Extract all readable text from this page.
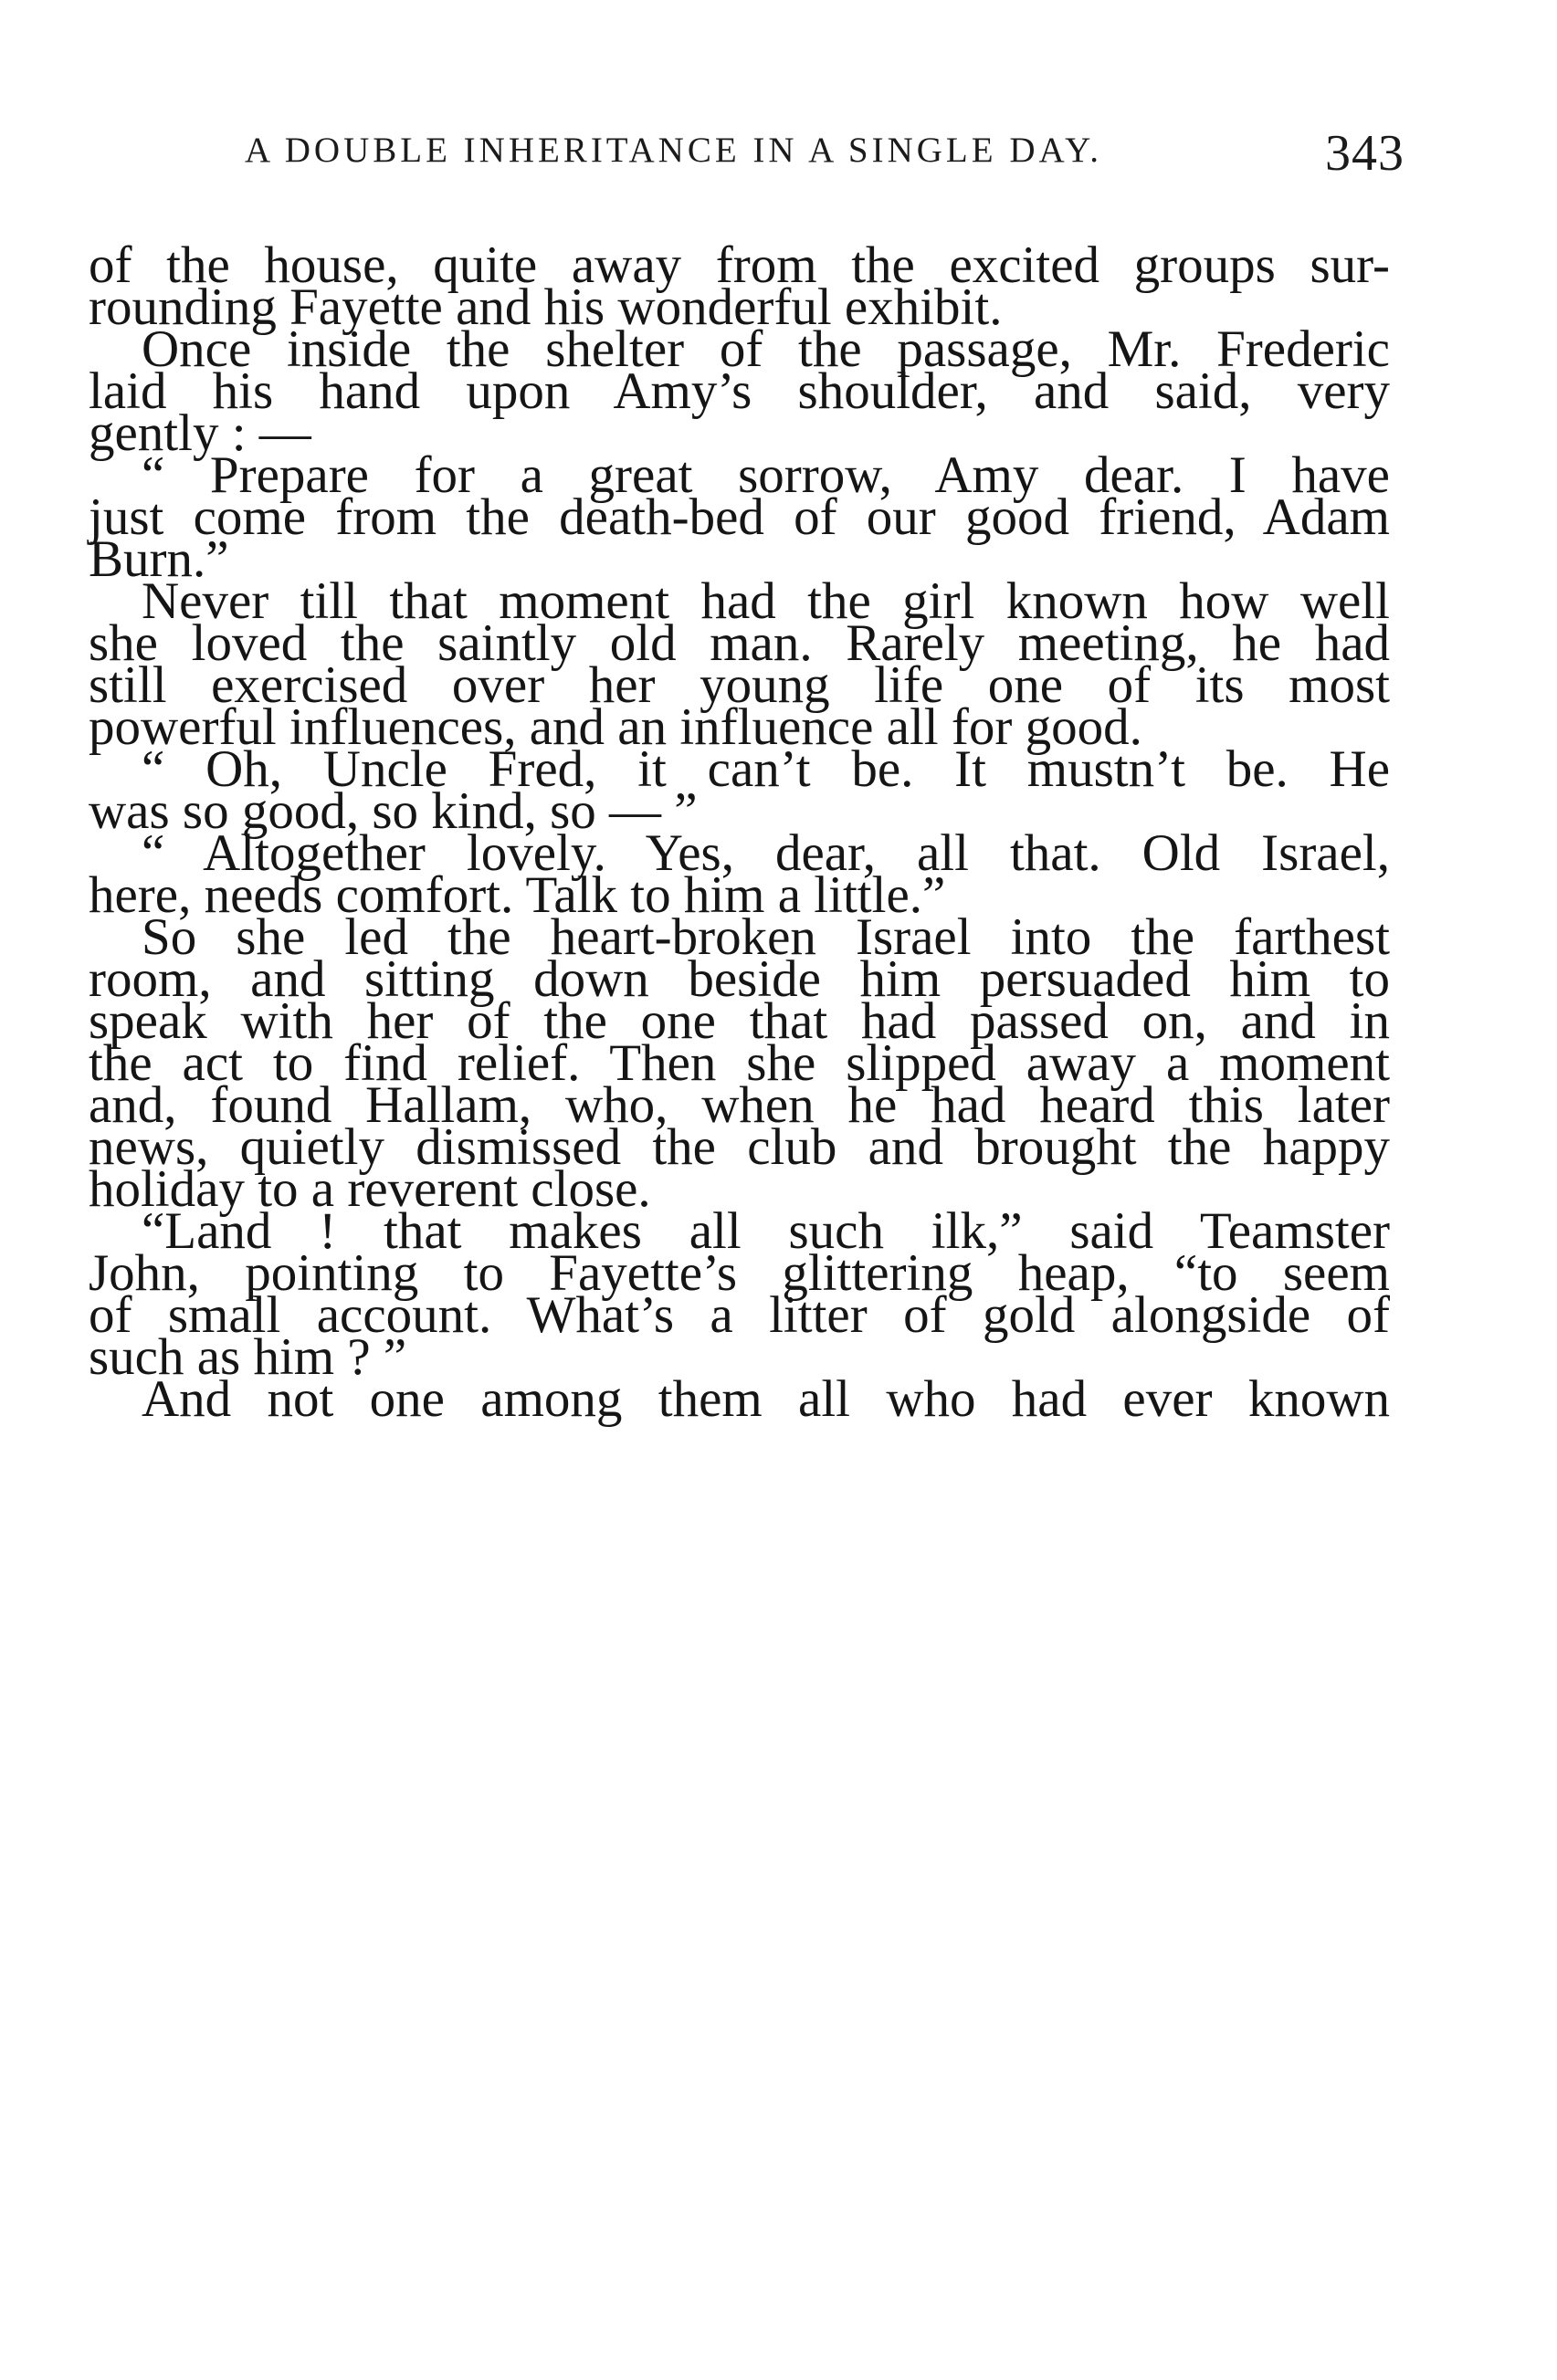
A DOUBLE INHERITANCE IN A SINGLE DAY.	343
of the house, quite away from the excited groups sur-
rounding Fayette and his wonderful exhibit.
Once inside the shelter of the passage, Mr. Frederic
laid his hand upon Amy’s shoulder, and said, very
gently : —
“ Prepare for a great sorrow, Amy dear. I have
just come from the death-bed of our good friend, Adam
Burn.”
Never till that moment had the girl known how well
she loved the saintly old man. Rarely meeting, he had
still exercised over her young life one of its most
powerful influences, and an influence all for good.
“ Oh, Uncle Fred, it can’t be. It mustn’t be. He
was so good, so kind, so — ”
“ Altogether lovely. Yes, dear, all that. Old Israel,
here, needs comfort. Talk to him a little.”
So she led the heart-broken Israel into the farthest
room, and sitting down beside him persuaded him to
speak with her of the one that had passed on, and in
the act to find relief. Then she slipped away a moment
and, found Hallam, who, when he had heard this later
news, quietly dismissed the club and brought the happy
holiday to a reverent close.
“Land ! that makes all such ilk,” said Teamster
John, pointing to Fayette’s glittering heap, “to seem
of small account. What’s a litter of gold alongside of
such as him ? ”
And not one among them all who had ever known
